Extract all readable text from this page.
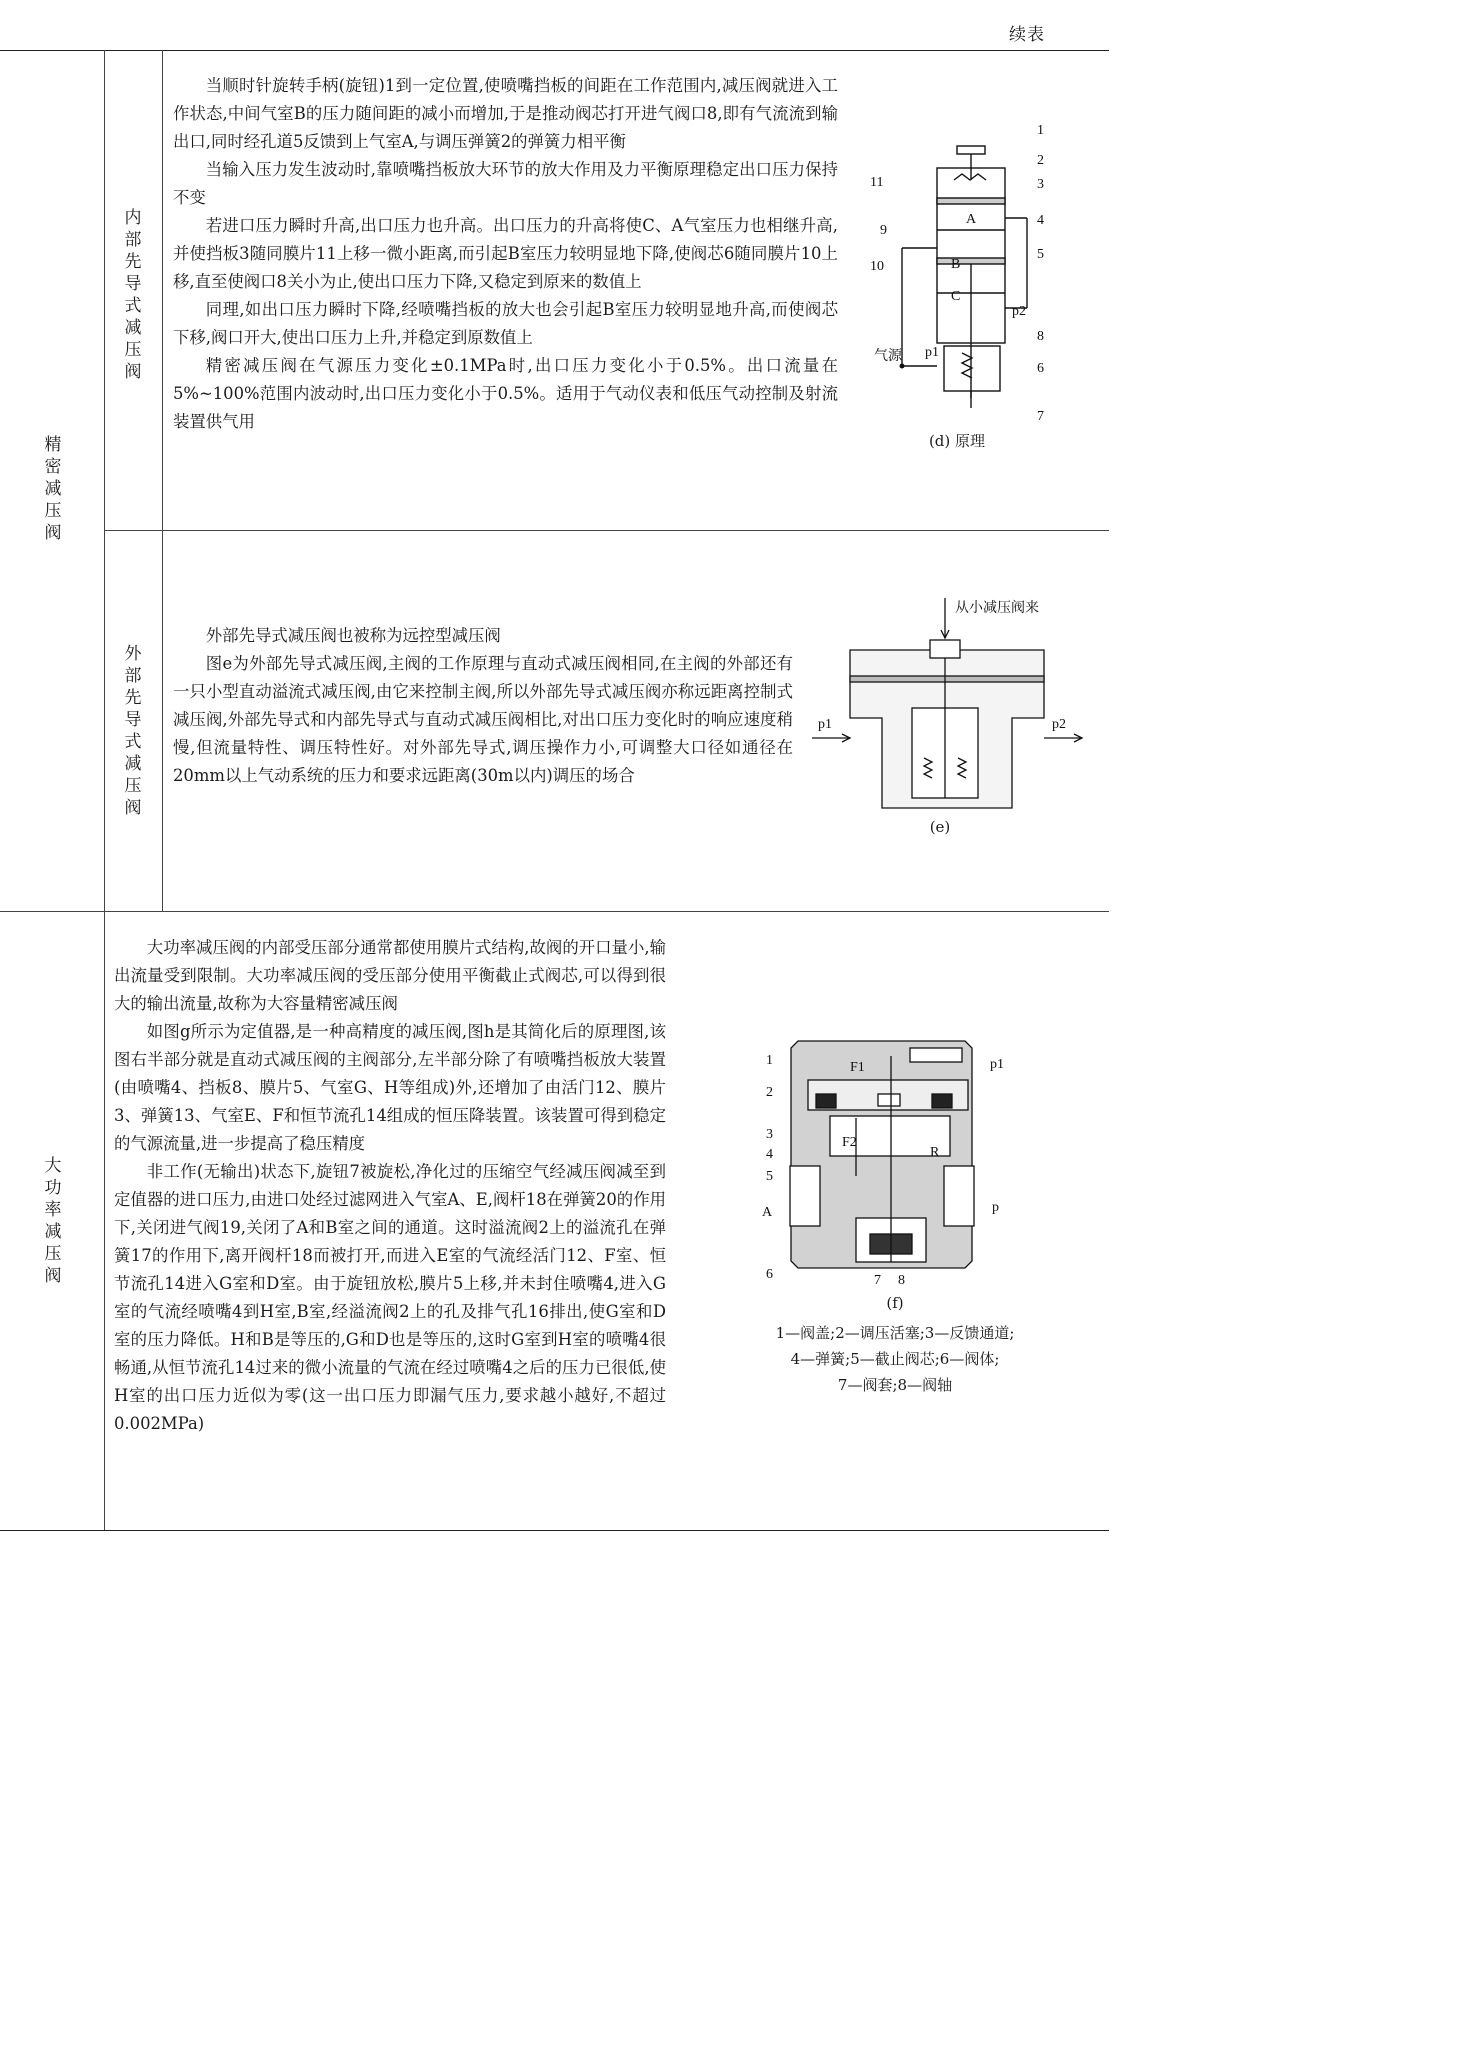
续表
精密减压阀
内部先导式减压阀
外部先导式减压阀
大功率减压阀

当顺时针旋转手柄(旋钮)1到一定位置,使喷嘴挡板的间距在工作范围内,减压阀就进入工作状态,中间气室B的压力随间距的减小而增加,于是推动阀芯打开进气阀口8,即有气流流到输出口,同时经孔道5反馈到上气室A,与调压弹簧2的弹簧力相平衡

当输入压力发生波动时,靠喷嘴挡板放大环节的放大作用及力平衡原理稳定出口压力保持不变

若进口压力瞬时升高,出口压力也升高。出口压力的升高将使C、A气室压力也相继升高,并使挡板3随同膜片11上移一微小距离,而引起B室压力较明显地下降,使阀芯6随同膜片10上移,直至使阀口8关小为止,使出口压力下降,又稳定到原来的数值上

同理,如出口压力瞬时下降,经喷嘴挡板的放大也会引起B室压力较明显地升高,而使阀芯下移,阀口开大,使出口压力上升,并稳定到原数值上

精密减压阀在气源压力变化±0.1MPa时,出口压力变化小于0.5%。出口流量在5%~100%范围内波动时,出口压力变化小于0.5%。适用于气动仪表和低压气动控制及射流装置供气用

A
B
C
p1
p2
气源
1
2
3
4
5
6
7
8
9
10
11
(d) 原理

外部先导式减压阀也被称为远控型减压阀

图e为外部先导式减压阀,主阀的工作原理与直动式减压阀相同,在主阀的外部还有一只小型直动溢流式减压阀,由它来控制主阀,所以外部先导式减压阀亦称远距离控制式减压阀,外部先导式和内部先导式与直动式减压阀相比,对出口压力变化时的响应速度稍慢,但流量特性、调压特性好。对外部先导式,调压操作力小,可调整大口径如通径在20mm以上气动系统的压力和要求远距离(30m以内)调压的场合

从小减压阀来
p1	p2
(e)

大功率减压阀的内部受压部分通常都使用膜片式结构,故阀的开口量小,输出流量受到限制。大功率减压阀的受压部分使用平衡截止式阀芯,可以得到很大的输出流量,故称为大容量精密减压阀

如图g所示为定值器,是一种高精度的减压阀,图h是其简化后的原理图,该图右半部分就是直动式减压阀的主阀部分,左半部分除了有喷嘴挡板放大装置(由喷嘴4、挡板8、膜片5、气室G、H等组成)外,还增加了由活门12、膜片3、弹簧13、气室E、F和恒节流孔14组成的恒压降装置。该装置可得到稳定的气源流量,进一步提高了稳压精度

非工作(无输出)状态下,旋钮7被旋松,净化过的压缩空气经减压阀减至到定值器的进口压力,由进口处经过滤网进入气室A、E,阀杆18在弹簧20的作用下,关闭进气阀19,关闭了A和B室之间的通道。这时溢流阀2上的溢流孔在弹簧17的作用下,离开阀杆18而被打开,而进入E室的气流经活门12、F室、恒节流孔14进入G室和D室。由于旋钮放松,膜片5上移,并未封住喷嘴4,进入G室的气流经喷嘴4到H室,B室,经溢流阀2上的孔及排气孔16排出,使G室和D室的压力降低。H和B是等压的,G和D也是等压的,这时G室到H室的喷嘴4很畅通,从恒节流孔14过来的微小流量的气流在经过喷嘴4之后的压力已很低,使H室的出口压力近似为零(这一出口压力即漏气压力,要求越小越好,不超过0.002MPa)

F1
F2
R
p1
p
A
1
2
3
4
5
6	7 8
(f)
1—阀盖;2—调压活塞;3—反馈通道;
4—弹簧;5—截止阀芯;6—阀体;
7—阀套;8—阀轴
